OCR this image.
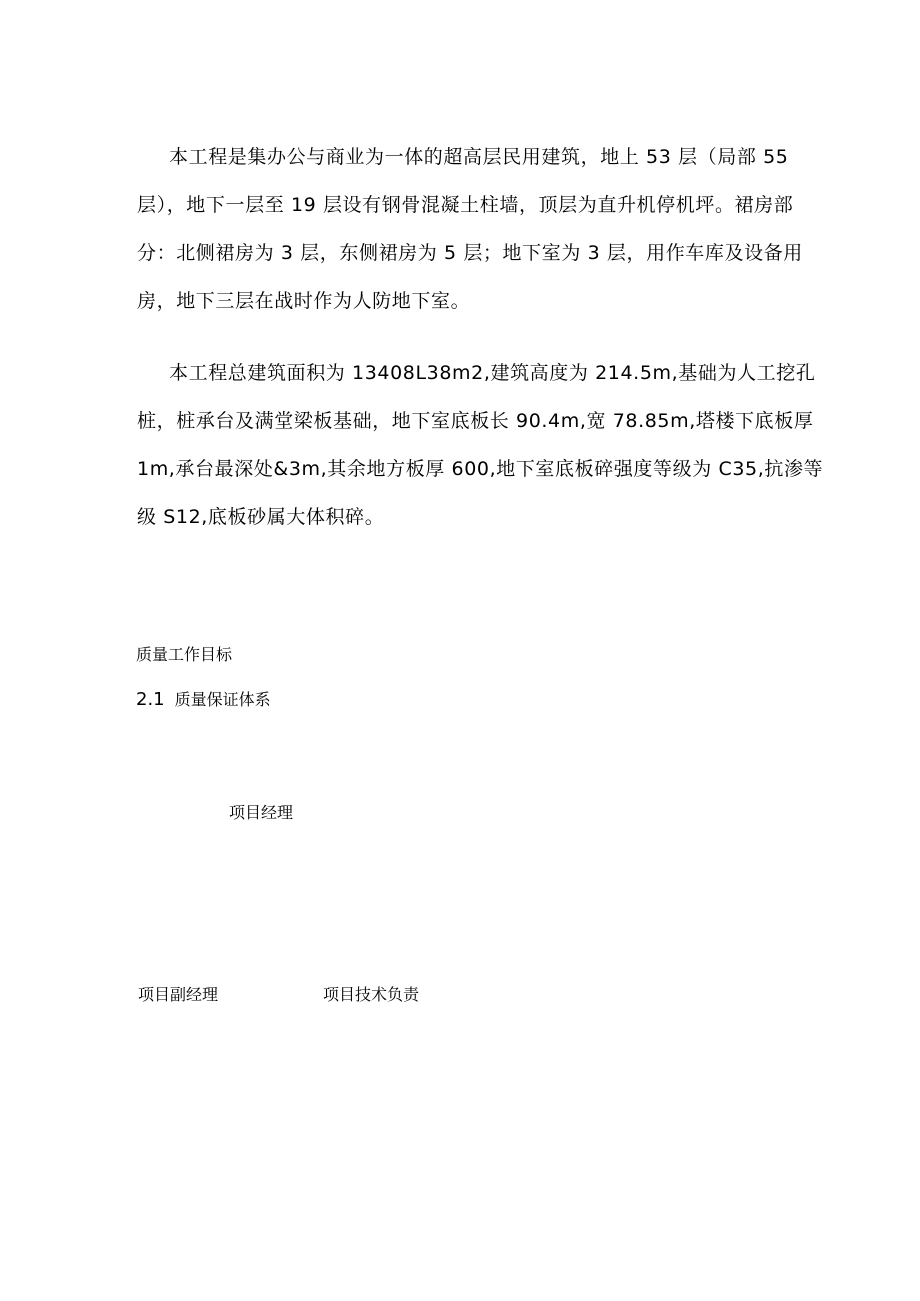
本工程是集办公与商业为一体的超高层民用建筑，地上 53 层（局部 55
层），地下一层至 19 层设有钢骨混凝土柱墙，顶层为直升机停机坪。裙房部
分：北侧裙房为 3 层，东侧裙房为 5 层；地下室为 3 层，用作车库及设备用
房，地下三层在战时作为人防地下室。
本工程总建筑面积为 13408L38m2,建筑高度为 214.5m,基础为人工挖孔
桩，桩承台及满堂梁板基础，地下室底板长 90.4m,宽 78.85m,塔楼下底板厚
1m,承台最深处&3m,其余地方板厚 600,地下室底板碎强度等级为 C35,抗渗等
级 S12,底板砂属大体积碎。
质量工作目标
2.1 质量保证体系
项目经理
项目副经理	项目技术负责
